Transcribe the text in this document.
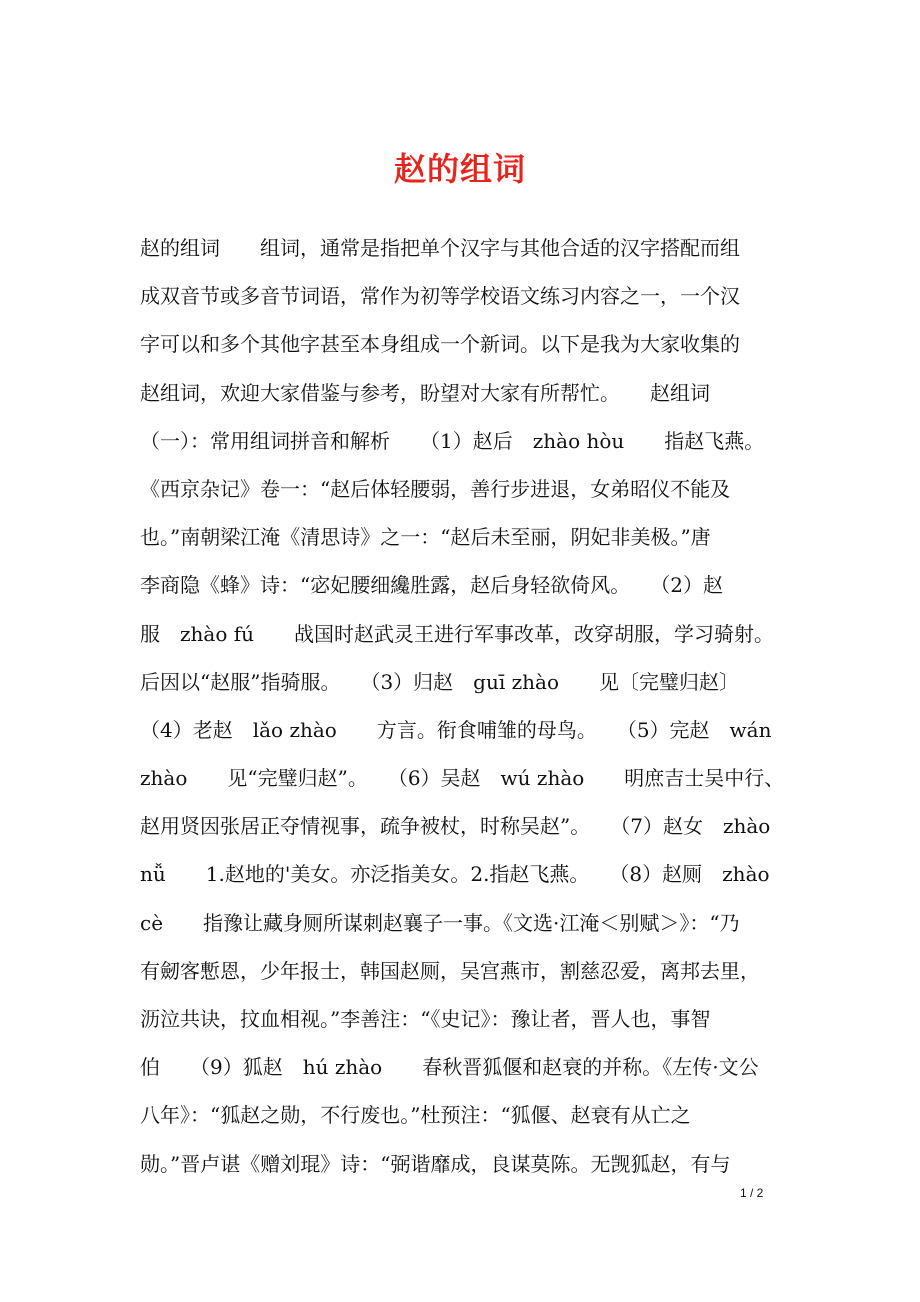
赵的组词
赵的组词　　组词，通常是指把单个汉字与其他合适的汉字搭配而组
成双音节或多音节词语，常作为初等学校语文练习内容之一，一个汉
字可以和多个其他字甚至本身组成一个新词。以下是我为大家收集的
赵组词，欢迎大家借鉴与参考，盼望对大家有所帮忙。　　赵组词
（一）：常用组词拼音和解析　　（1）赵后　zhào hòu　　指赵飞燕。
《西京杂记》卷一：“赵后体轻腰弱，善行步进退，女弟昭仪不能及
也。”南朝梁江淹《清思诗》之一：“赵后未至丽，阴妃非美极。”唐
李商隐《蜂》诗：“宓妃腰细纔胜露，赵后身轻欲倚风。　　（2）赵
服　zhào fú　　战国时赵武灵王进行军事改革，改穿胡服，学习骑射。
后因以“赵服”指骑服。　　（3）归赵　guī zhào　　见〔完璧归赵〕
（4）老赵　lǎo zhào　　方言。衔食哺雏的母鸟。　　（5）完赵　wán
zhào　　见“完璧归赵”。　　（6）吴赵　wú zhào　　明庶吉士吴中行、
赵用贤因张居正夺情视事，疏争被杖，时称吴赵”。　　（7）赵女　zhào
nǚ　　1.赵地的'美女。亦泛指美女。2.指赵飞燕。　　（8）赵厕　zhào
cè　　指豫让藏身厕所谋刺赵襄子一事。《文选·江淹＜别赋＞》：“乃
有劒客慙恩，少年报士，韩国赵厕，吴宫燕市，割慈忍爱，离邦去里，
沥泣共诀，抆血相视。”李善注：“《史记》：豫让者，晋人也，事智
伯　　（9）狐赵　hú zhào　　春秋晋狐偃和赵衰的并称。《左传·文公
八年》：“狐赵之勋，不行废也。”杜预注：“狐偃、赵衰有从亡之
勋。”晋卢谌《赠刘琨》诗：“弼谐靡成，良谋莫陈。无觊狐赵，有与
1 / 2
